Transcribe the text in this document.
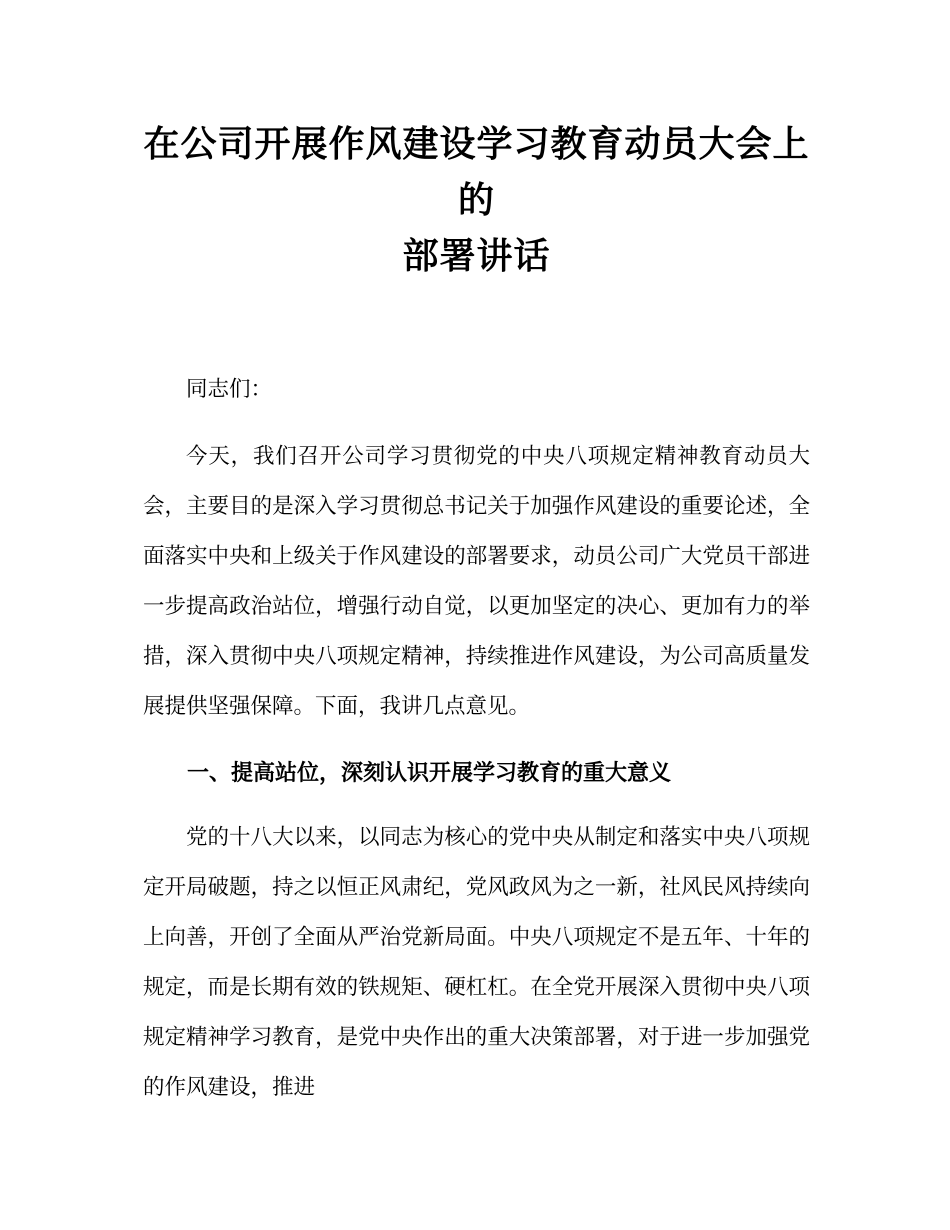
在公司开展作风建设学习教育动员大会上的
部署讲话

同志们：

今天，我们召开公司学习贯彻党的中央八项规定精神教育动员大会，主要目的是深入学习贯彻总书记关于加强作风建设的重要论述，全面落实中央和上级关于作风建设的部署要求，动员公司广大党员干部进一步提高政治站位，增强行动自觉，以更加坚定的决心、更加有力的举措，深入贯彻中央八项规定精神，持续推进作风建设，为公司高质量发展提供坚强保障。下面，我讲几点意见。

一、提高站位，深刻认识开展学习教育的重大意义

党的十八大以来，以同志为核心的党中央从制定和落实中央八项规定开局破题，持之以恒正风肃纪，党风政风为之一新，社风民风持续向上向善，开创了全面从严治党新局面。中央八项规定不是五年、十年的规定，而是长期有效的铁规矩、硬杠杠。在全党开展深入贯彻中央八项规定精神学习教育，是党中央作出的重大决策部署，对于进一步加强党的作风建设，推进
